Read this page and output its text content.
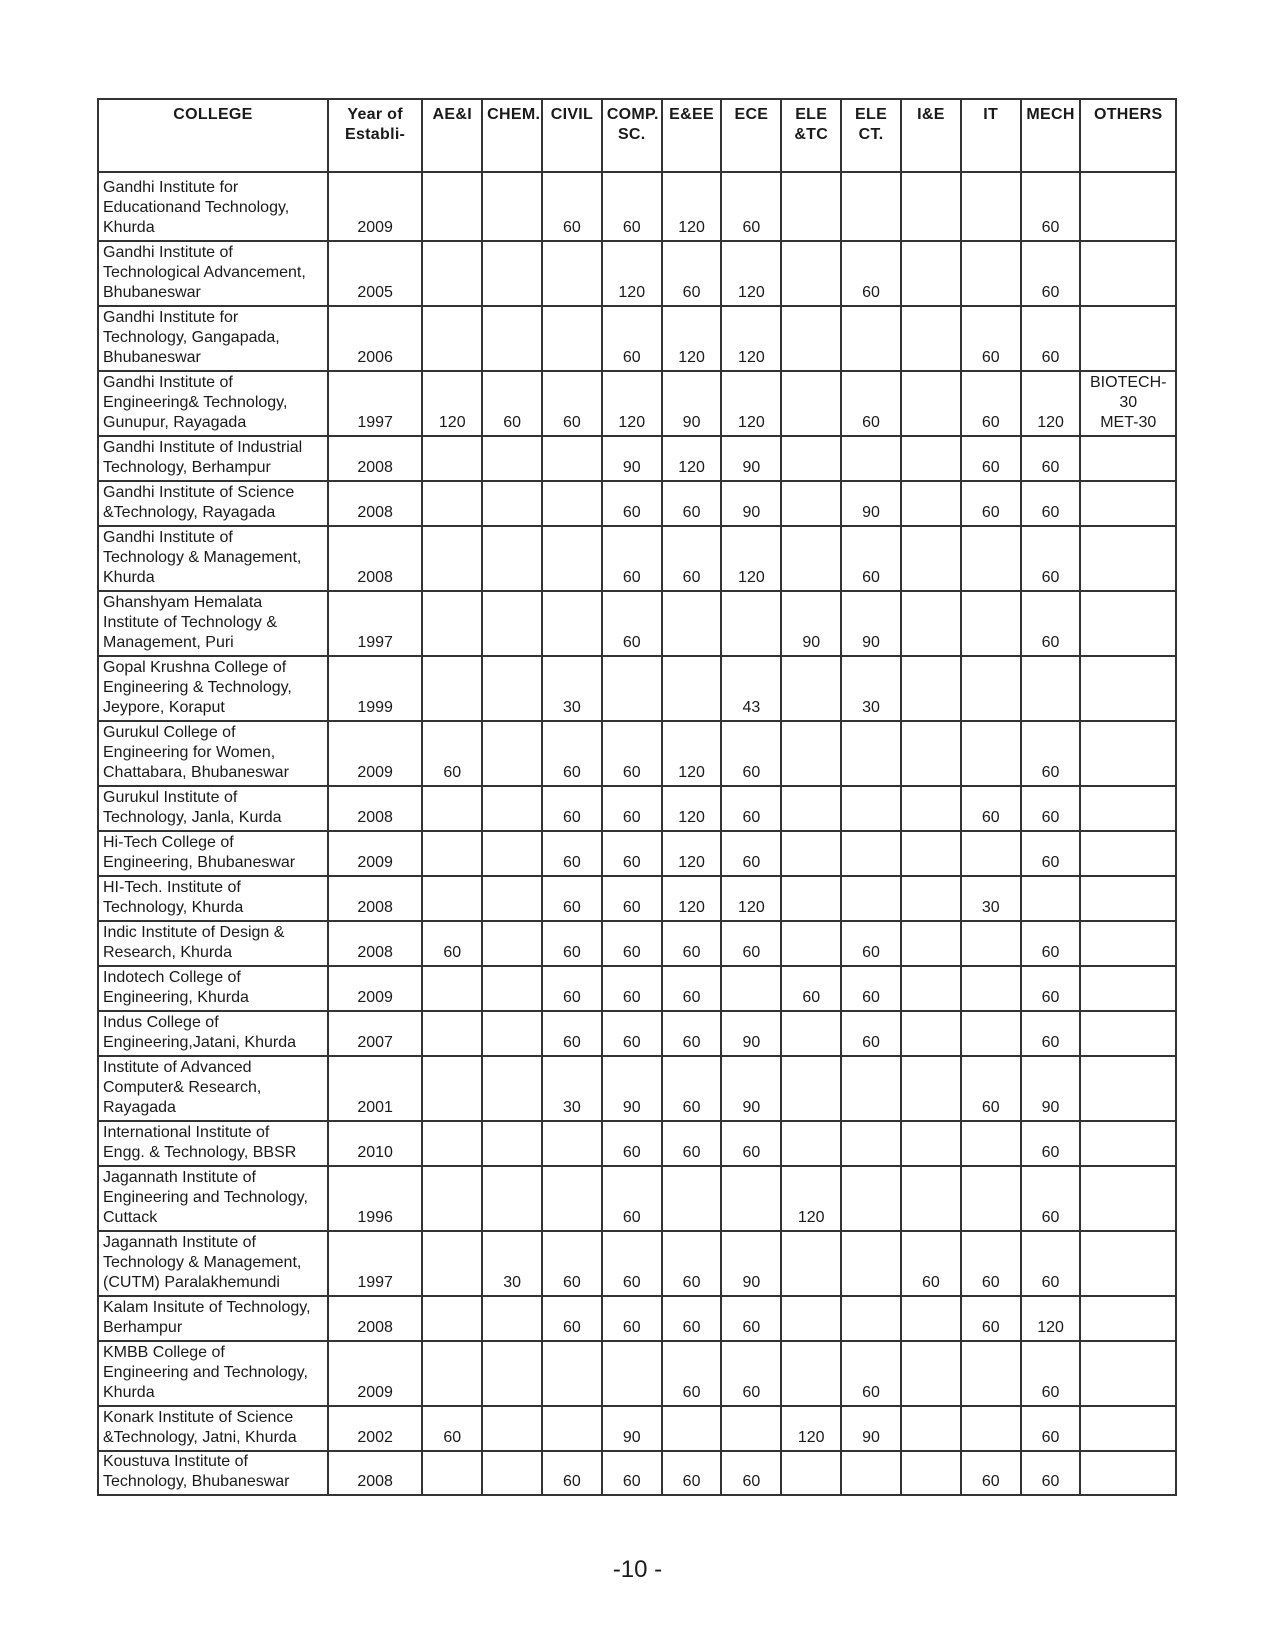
COLLEGE	Year of Establi-	AE&I	CHEM.	CIVIL	COMP. SC.	E&EE	ECE	ELE &TC	ELE CT.	I&E	IT	MECH	OTHERS
Gandhi Institute for
Educationand Technology,
Khurda	2009			60	60	120	60					60	
Gandhi Institute of
Technological Advancement,
Bhubaneswar	2005				120	60	120		60			60	
Gandhi Institute for
Technology, Gangapada,
Bhubaneswar	2006				60	120	120				60	60	
Gandhi Institute of
Engineering& Technology,
Gunupur, Rayagada	1997	120	60	60	120	90	120		60		60	120	BIOTECH-
30
MET-30
Gandhi Institute of Industrial
Technology, Berhampur	2008				90	120	90				60	60	
Gandhi Institute of Science
&Technology, Rayagada	2008				60	60	90		90		60	60	
Gandhi Institute of
Technology & Management,
Khurda	2008				60	60	120		60			60	
Ghanshyam Hemalata
Institute of Technology &
Management, Puri	1997				60			90	90			60	
Gopal Krushna College of
Engineering & Technology,
Jeypore, Koraput	1999			30			43		30				
Gurukul College of
Engineering for Women,
Chattabara, Bhubaneswar	2009	60		60	60	120	60					60	
Gurukul Institute of
Technology, Janla, Kurda	2008			60	60	120	60				60	60	
Hi-Tech College of
Engineering, Bhubaneswar	2009			60	60	120	60					60	
HI-Tech. Institute of
Technology, Khurda	2008			60	60	120	120				30		
Indic Institute of Design &
Research, Khurda	2008	60		60	60	60	60		60			60	
Indotech College of
Engineering, Khurda	2009			60	60	60		60	60			60	
Indus College of
Engineering,Jatani, Khurda	2007			60	60	60	90		60			60	
Institute of Advanced
Computer& Research,
Rayagada	2001			30	90	60	90				60	90	
International Institute of
Engg. & Technology, BBSR	2010				60	60	60					60	
Jagannath Institute of
Engineering and Technology,
Cuttack	1996				60			120				60	
Jagannath Institute of
Technology & Management,
(CUTM) Paralakhemundi	1997		30	60	60	60	90			60	60	60	
Kalam Insitute of Technology,
Berhampur	2008			60	60	60	60				60	120	
KMBB College of
Engineering and Technology,
Khurda	2009					60	60		60			60	
Konark Institute of Science
&Technology, Jatni, Khurda	2002	60			90			120	90			60	
Koustuva Institute of
Technology, Bhubaneswar	2008			60	60	60	60				60	60	
-10 -
